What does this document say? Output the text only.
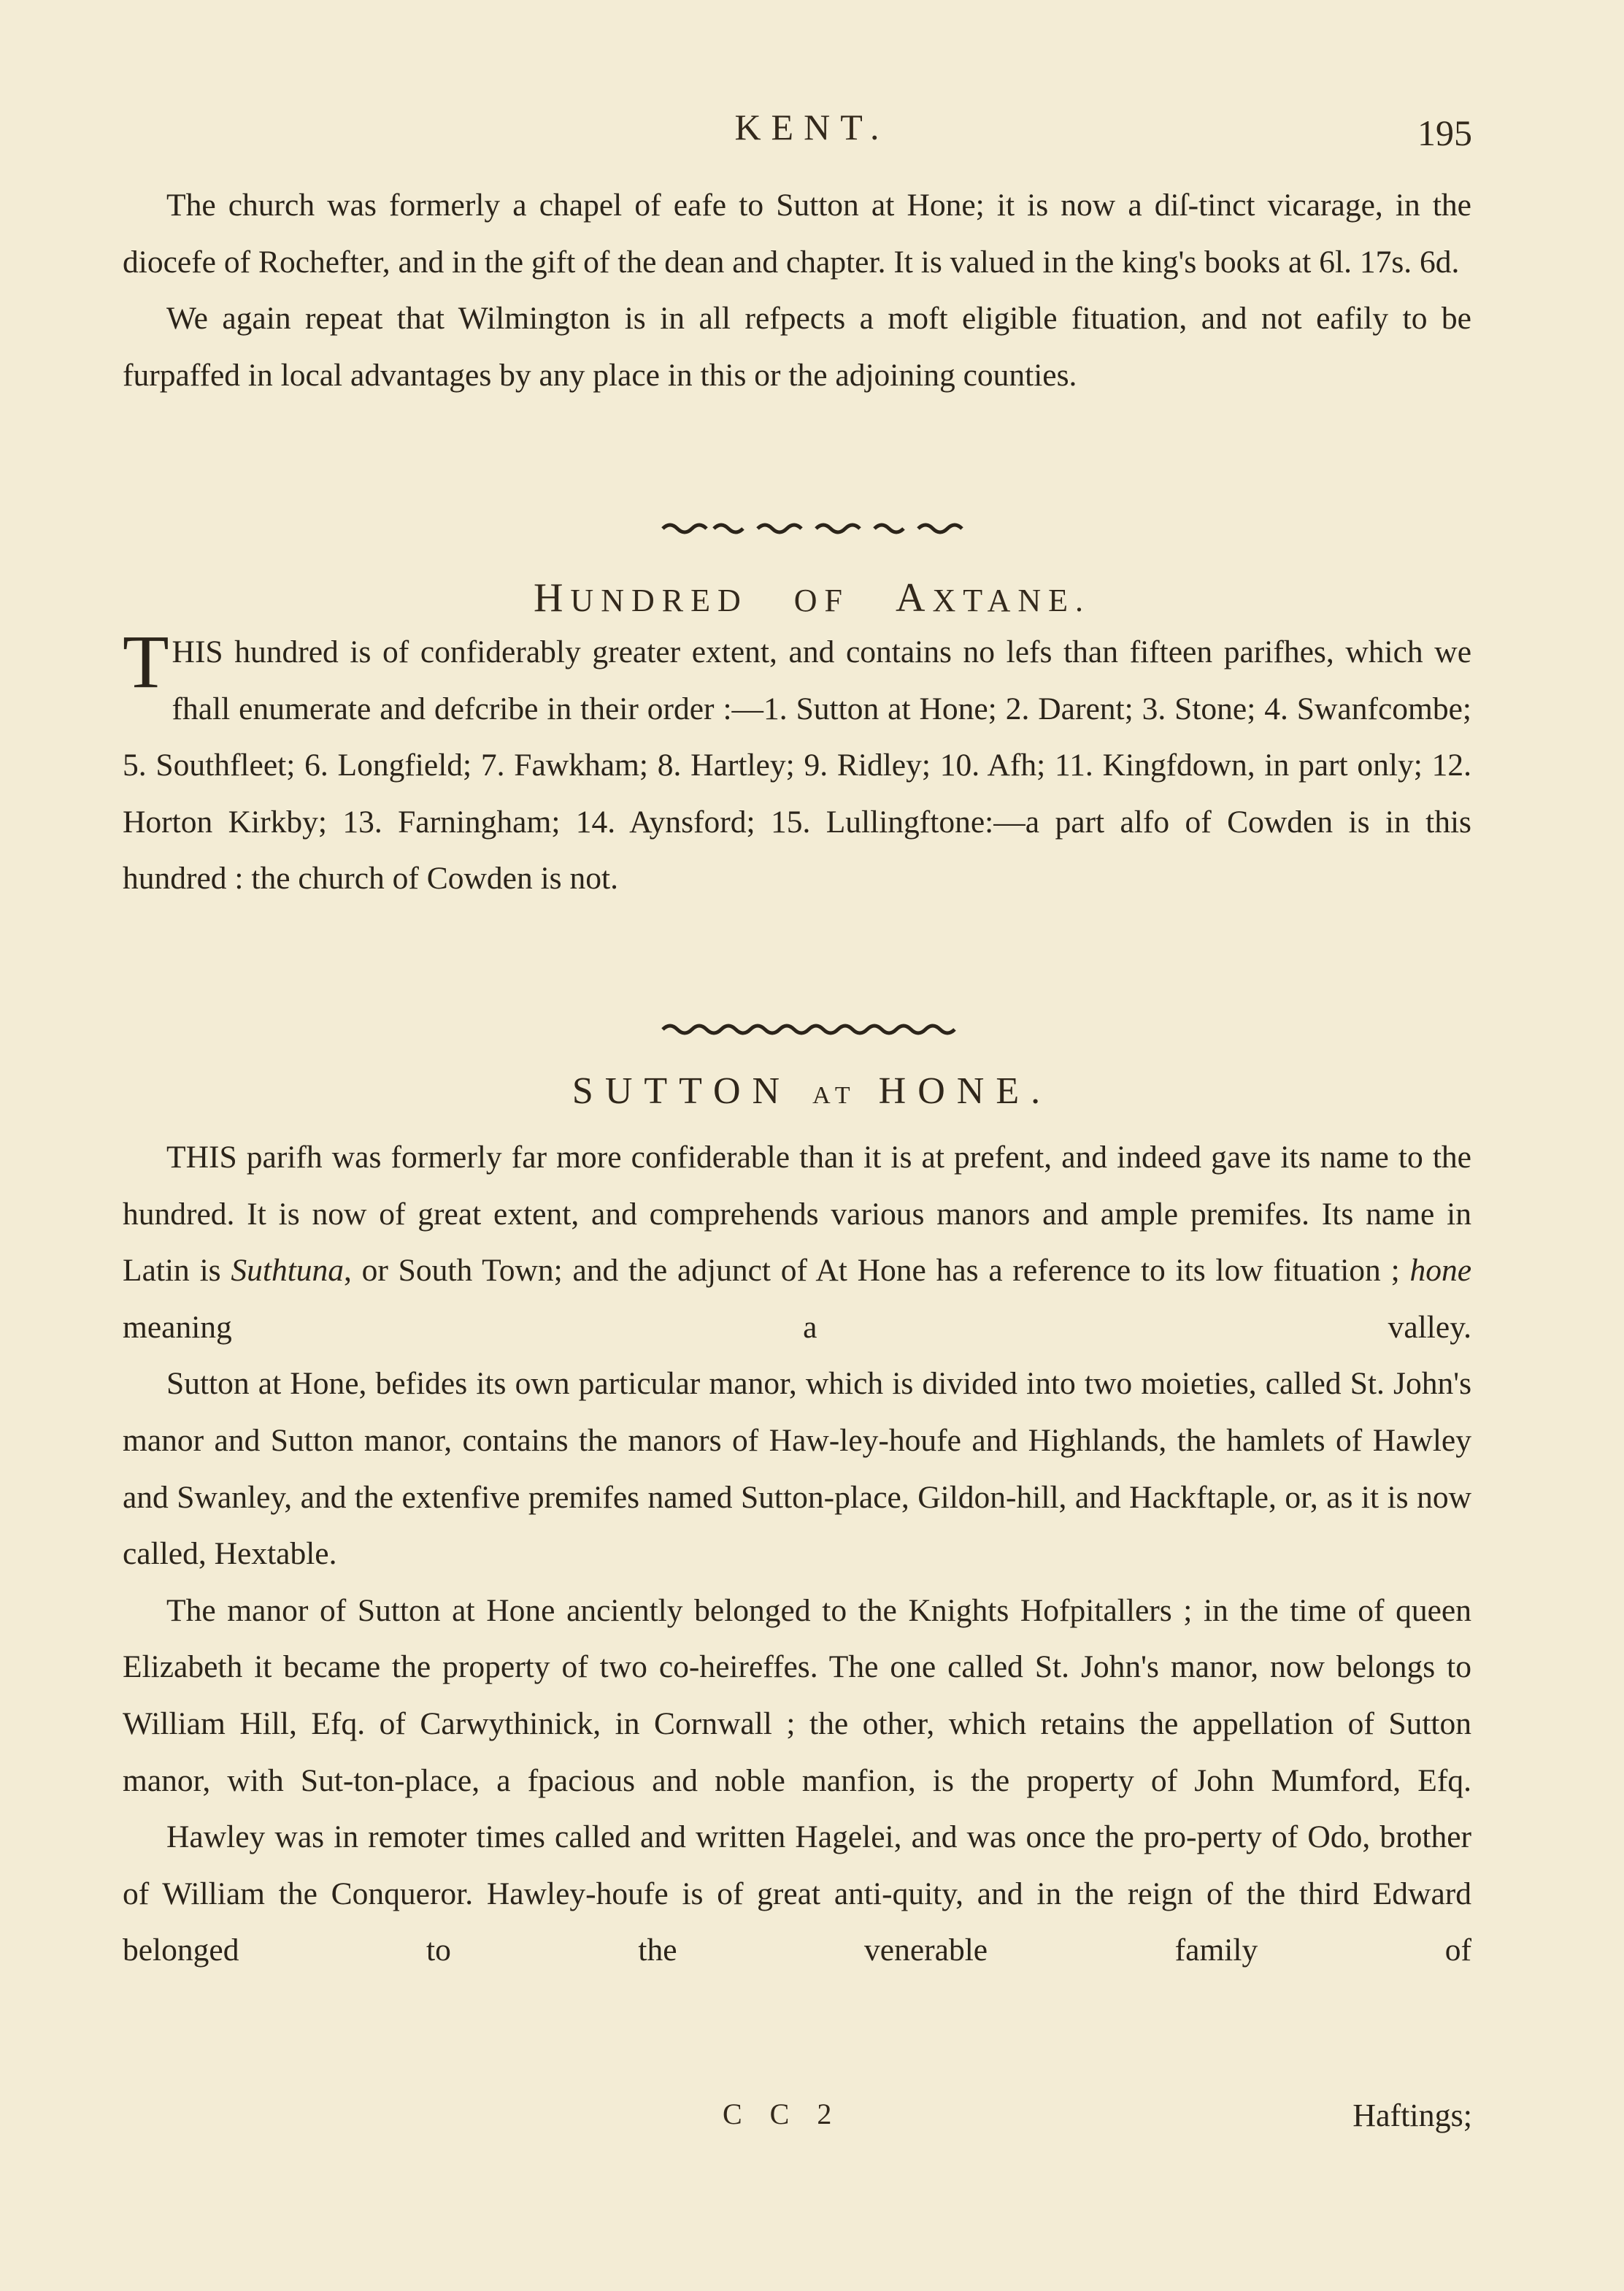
KENT.	195

The church was formerly a chapel of eafe to Sutton at Hone; it is now a diſ-tinct vicarage, in the diocefe of Rochefter, and in the gift of the dean and chapter. It is valued in the king's books at 6l. 17s. 6d.

We again repeat that Wilmington is in all refpects a moft eligible fituation, and not eafily to be furpaffed in local advantages by any place in this or the adjoining counties.

HUNDRED OF AXTANE.

THIS hundred is of confiderably greater extent, and contains no lefs than fifteen parifhes, which we fhall enumerate and defcribe in their order :—1. Sutton at Hone; 2. Darent; 3. Stone; 4. Swanfcombe; 5. Southfleet; 6. Longfield; 7. Fawkham; 8. Hartley; 9. Ridley; 10. Afh; 11. Kingfdown, in part only; 12. Horton Kirkby; 13. Farningham; 14. Aynsford; 15. Lullingftone:—a part alfo of Cowden is in this hundred : the church of Cowden is not.

SUTTON AT HONE.

THIS parifh was formerly far more confiderable than it is at prefent, and indeed gave its name to the hundred. It is now of great extent, and comprehends various manors and ample premifes. Its name in Latin is Suthtuna, or South Town; and the adjunct of At Hone has a reference to its low fituation ; hone meaning a valley.

Sutton at Hone, befides its own particular manor, which is divided into two moieties, called St. John's manor and Sutton manor, contains the manors of Haw-ley-houfe and Highlands, the hamlets of Hawley and Swanley, and the extenfive premifes named Sutton-place, Gildon-hill, and Hackftaple, or, as it is now called, Hextable.

The manor of Sutton at Hone anciently belonged to the Knights Hofpitallers ; in the time of queen Elizabeth it became the property of two co-heireffes. The one called St. John's manor, now belongs to William Hill, Efq. of Carwythinick, in Cornwall ; the other, which retains the appellation of Sutton manor, with Sut-ton-place, a fpacious and noble manfion, is the property of John Mumford, Efq.

Hawley was in remoter times called and written Hagelei, and was once the pro-perty of Odo, brother of William the Conqueror. Hawley-houfe is of great anti-quity, and in the reign of the third Edward belonged to the venerable family of

C C 2	Haftings;
